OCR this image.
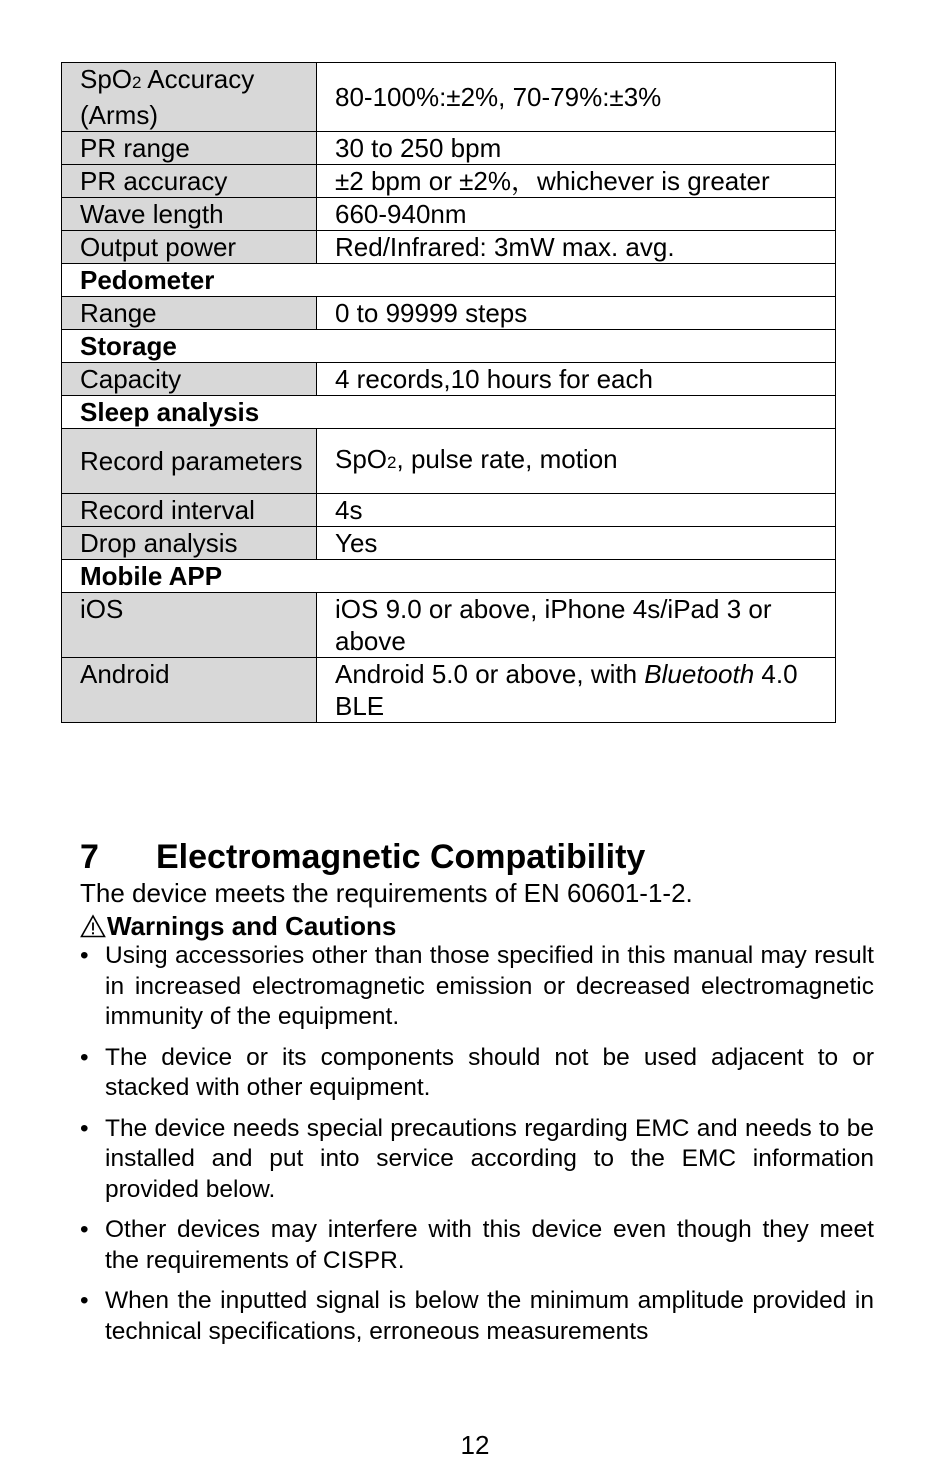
SpO2 Accuracy (Arms)	80-100%:±2%, 70-79%:±3%
PR range	30 to 250 bpm
PR accuracy	±2 bpm or ±2%，whichever is greater
Wave length	660-940nm
Output power	Red/Infrared: 3mW max. avg.
Pedometer	
Range	0 to 99999 steps
Storage	
Capacity	4 records,10 hours for each
Sleep analysis	
Record parameters	SpO2, pulse rate, motion
Record interval	4s
Drop analysis	Yes
Mobile APP	
iOS	iOS 9.0 or above, iPhone 4s/iPad 3 or above
Android	Android 5.0 or above, with Bluetooth 4.0 BLE
7 Electromagnetic Compatibility

The device meets the requirements of EN 60601-1-2.

Warnings and Cautions
• Using accessories other than those specified in this manual may result in increased electromagnetic emission or decreased electromagnetic immunity of the equipment.
• The device or its components should not be used adjacent to or stacked with other equipment.
• The device needs special precautions regarding EMC and needs to be installed and put into service according to the EMC information provided below.
• Other devices may interfere with this device even though they meet the requirements of CISPR.
• When the inputted signal is below the minimum amplitude provided in technical specifications, erroneous measurements
12
